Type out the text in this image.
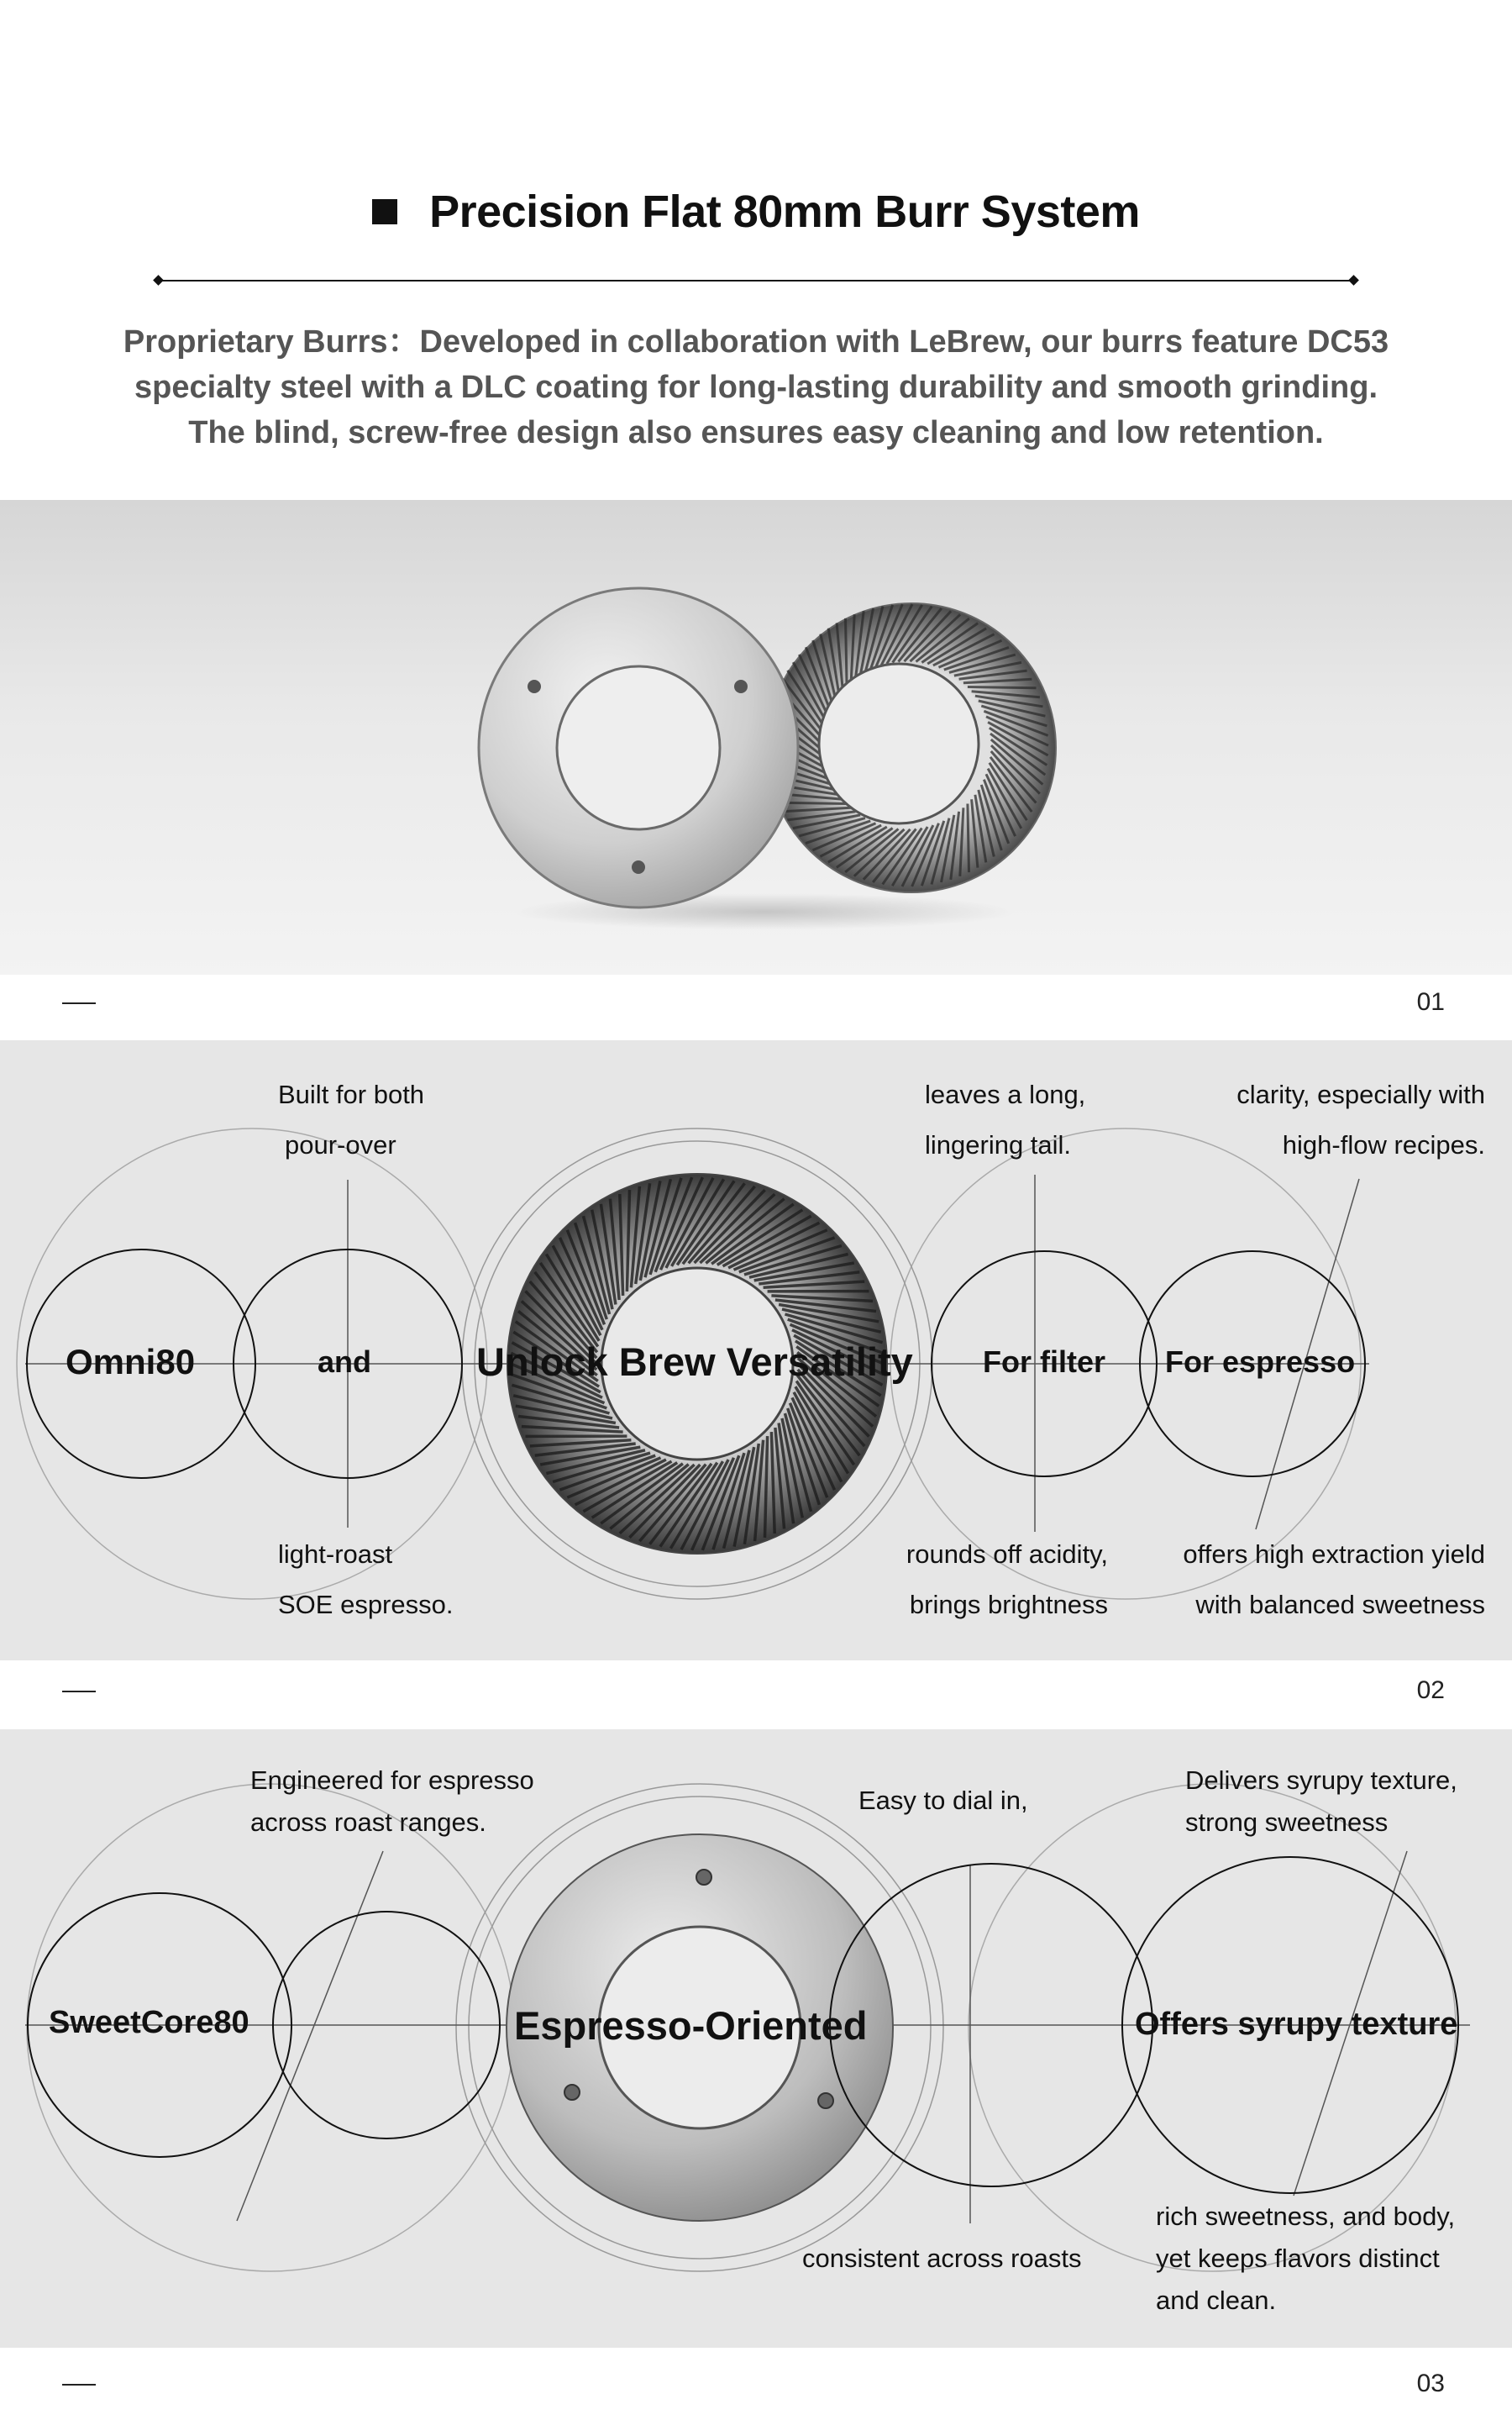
Precision Flat 80mm Burr System
Proprietary Burrs：Developed in collaboration with LeBrew, our burrs feature DC53
specialty steel with a DLC coating for long-lasting durability and smooth grinding.
The blind, screw-free design also ensures easy cleaning and low retention.
01
Omni80	and	Unlock Brew Versatility For filter For espresso
Built for both
pour-over
light-roast
SOE espresso.
leaves a long,
lingering tail.
clarity, especially with
high-flow recipes.
rounds off acidity,
brings brightness
offers high extraction yield
with balanced sweetness
02
SweetCore80	Espresso-Oriented	Offers syrupy texture
Engineered for espresso
across roast ranges.
Easy to dial in,
Delivers syrupy texture,
strong sweetness
consistent across roasts
rich sweetness, and body,
yet keeps flavors distinct
and clean.
03
